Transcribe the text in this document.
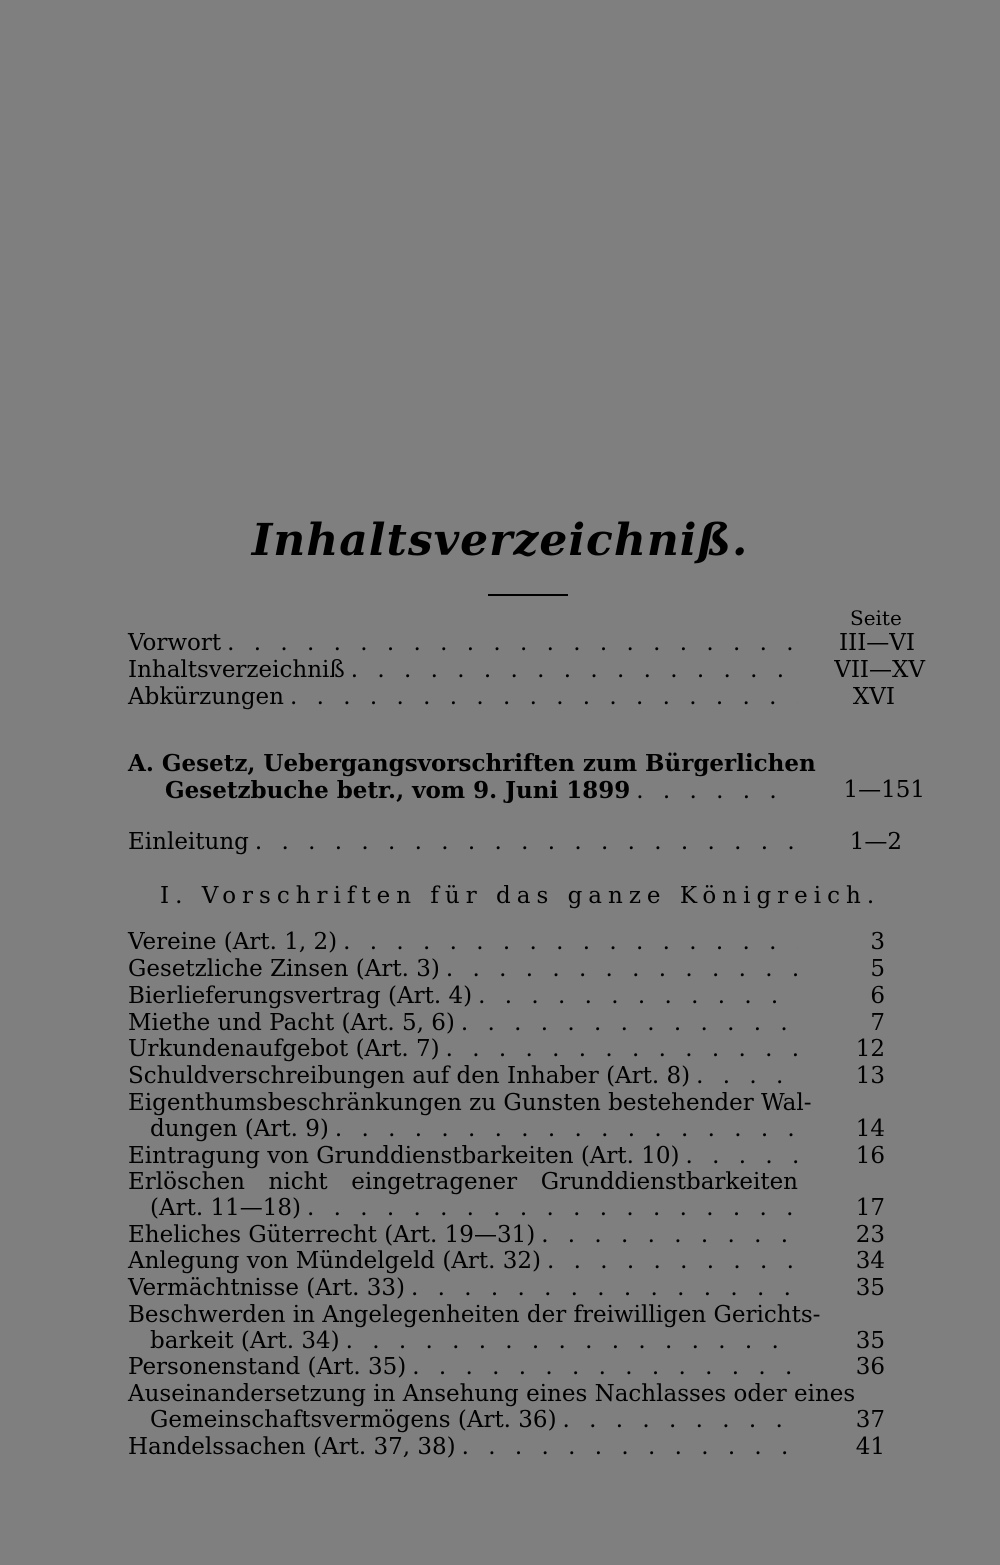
Inhaltsverzeichniß.
Seite
Vorwort . . .	III—VI
Inhaltsverzeichniß . . .	VII—XV
Abkürzungen . . .	XVI
A. Gesetz, Uebergangsvorschriften zum Bürgerlichen
Gesetzbuche betr., vom 9. Juni 1899 . . .	1—151
Einleitung . . .	1—2
I. Vorschriften für das ganze Königreich.
Vereine (Art. 1, 2) . . .	3
Gesetzliche Zinsen (Art. 3) . . .	5
Bierlieferungsvertrag (Art. 4) . . .	6
Miethe und Pacht (Art. 5, 6) . . .	7
Urkundenaufgebot (Art. 7) . . .	12
Schuldverschreibungen auf den Inhaber (Art. 8) . . .	13
Eigenthumsbeschränkungen zu Gunsten bestehender Wal-
dungen (Art. 9) . . .	14
Eintragung von Grunddienstbarkeiten (Art. 10) . . .	16
Erlöschen nicht eingetragener Grunddienstbarkeiten
(Art. 11—18) . . .	17
Eheliches Güterrecht (Art. 19—31) . . .	23
Anlegung von Mündelgeld (Art. 32) . . .	34
Vermächtnisse (Art. 33) . . .	35
Beschwerden in Angelegenheiten der freiwilligen Gerichts-
barkeit (Art. 34) . . .	35
Personenstand (Art. 35) . . .	36
Auseinandersetzung in Ansehung eines Nachlasses oder eines
Gemeinschaftsvermögens (Art. 36) . . .	37
Handelssachen (Art. 37, 38) . . .	41
